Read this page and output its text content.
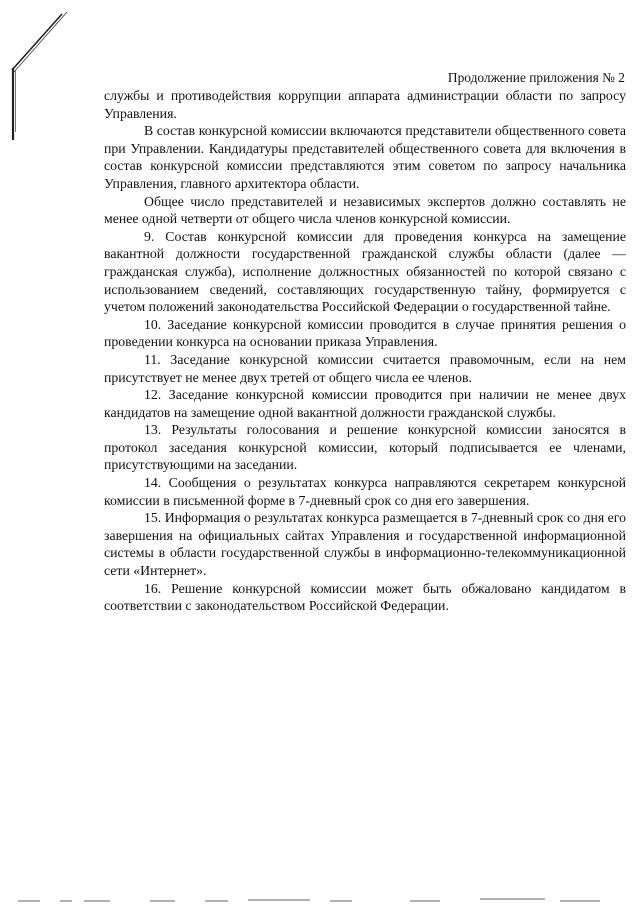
Продолжение приложения № 2

службы и противодействия коррупции аппарата администрации области по запросу Управления.

В состав конкурсной комиссии включаются представители общественного совета при Управлении. Кандидатуры представителей общественного совета для включения в состав конкурсной комиссии представляются этим советом по запросу начальника Управления, главного архитектора области.

Общее число представителей и независимых экспертов должно составлять не менее одной четверти от общего числа членов конкурсной комиссии.

9. Состав конкурсной комиссии для проведения конкурса на замещение вакантной должности государственной гражданской службы области (далее — гражданская служба), исполнение должностных обязанностей по которой связано с использованием сведений, составляющих государственную тайну, формируется с учетом положений законодательства Российской Федерации о государственной тайне.

10. Заседание конкурсной комиссии проводится в случае принятия решения о проведении конкурса на основании приказа Управления.

11. Заседание конкурсной комиссии считается правомочным, если на нем присутствует не менее двух третей от общего числа ее членов.

12. Заседание конкурсной комиссии проводится при наличии не менее двух кандидатов на замещение одной вакантной должности гражданской службы.

13. Результаты голосования и решение конкурсной комиссии заносятся в протокол заседания конкурсной комиссии, который подписывается ее членами, присутствующими на заседании.

14. Сообщения о результатах конкурса направляются секретарем конкурсной комиссии в письменной форме в 7-дневный срок со дня его завершения.

15. Информация о результатах конкурса размещается в 7-дневный срок со дня его завершения на официальных сайтах Управления и государственной информационной системы в области государственной службы в информационно-телекоммуникационной сети «Интернет».

16. Решение конкурсной комиссии может быть обжаловано кандидатом в соответствии с законодательством Российской Федерации.
